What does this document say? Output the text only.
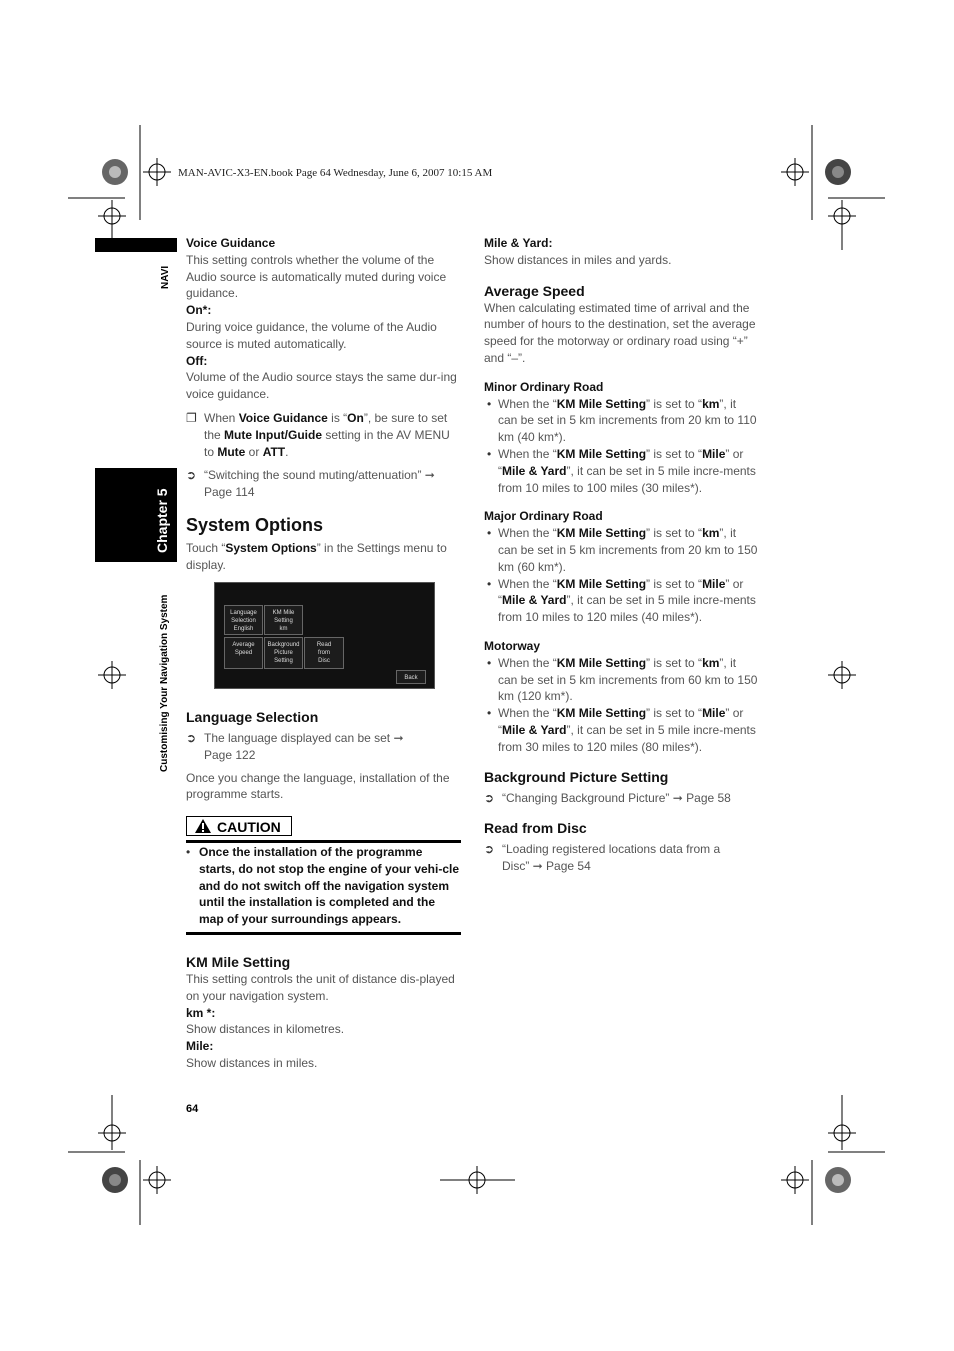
MAN-AVIC-X3-EN.book Page 64 Wednesday, June 6, 2007 10:15 AM
NAVI
Chapter 5
Customising Your Navigation System

Voice Guidance

This setting controls whether the volume of the Audio source is automatically muted during voice guidance.

On*:

During voice guidance, the volume of the Audio source is muted automatically.

Off:

Volume of the Audio source stays the same dur-ing voice guidance.

❐ When Voice Guidance is “On”, be sure to set the Mute Input/Guide setting in the AV MENU to Mute or ATT.
➲ “Switching the sound muting/attenuation” ➞ Page 114

System Options

Touch “System Options” in the Settings menu to display.

Language
Selection
English
KM Mile
Setting
km
Average
Speed
Background
Picture
Setting
Read
from
Disc
Back

Language Selection

➲ The language displayed can be set ➞ Page 122

Once you change the language, installation of the programme starts.

CAUTION
• Once the installation of the programme starts, do not stop the engine of your vehi-cle and do not switch off the navigation system until the installation is completed and the map of your surroundings appears.

KM Mile Setting

This setting controls the unit of distance dis-played on your navigation system.

km *:

Show distances in kilometres.

Mile:

Show distances in miles.

64

Mile & Yard:

Show distances in miles and yards.

Average Speed

When calculating estimated time of arrival and the number of hours to the destination, set the average speed for the motorway or ordinary road using “+” and “–”.

Minor Ordinary Road

• When the “KM Mile Setting” is set to “km”, it can be set in 5 km increments from 20 km to 110 km (40 km*).
• When the “KM Mile Setting” is set to “Mile” or “Mile & Yard”, it can be set in 5 mile incre-ments from 10 miles to 100 miles (30 miles*).

Major Ordinary Road

• When the “KM Mile Setting” is set to “km”, it can be set in 5 km increments from 20 km to 150 km (60 km*).
• When the “KM Mile Setting” is set to “Mile” or “Mile & Yard”, it can be set in 5 mile incre-ments from 10 miles to 120 miles (40 miles*).

Motorway

• When the “KM Mile Setting” is set to “km”, it can be set in 5 km increments from 60 km to 150 km (120 km*).
• When the “KM Mile Setting” is set to “Mile” or “Mile & Yard”, it can be set in 5 mile incre-ments from 30 miles to 120 miles (80 miles*).

Background Picture Setting

➲ “Changing Background Picture” ➞ Page 58

Read from Disc

➲ “Loading registered locations data from a Disc” ➞ Page 54
